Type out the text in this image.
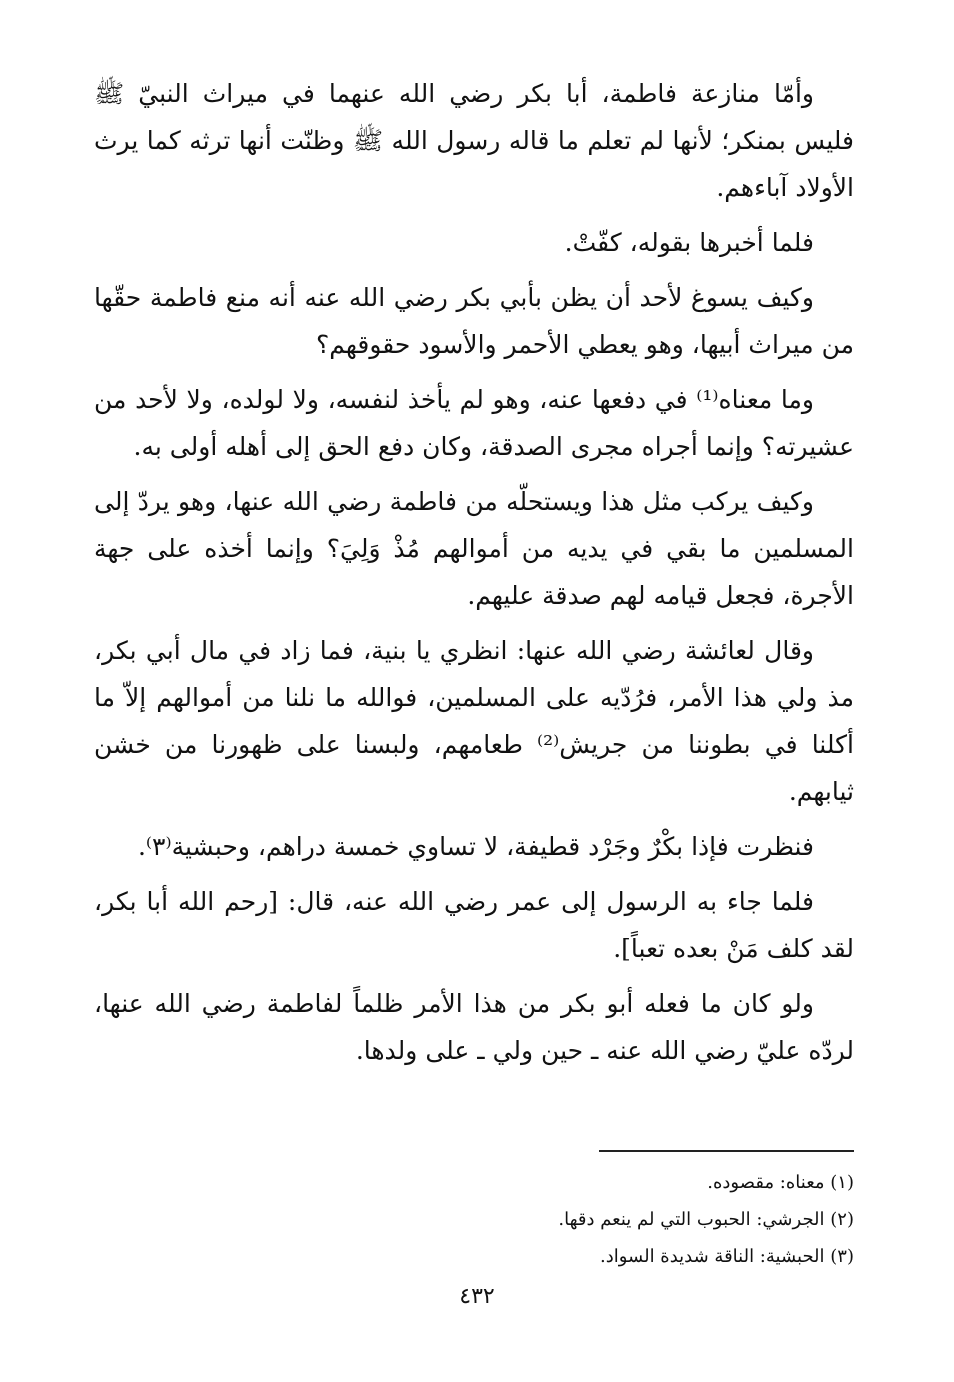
وأمّا منازعة فاطمة، أبا بكر رضي الله عنهما في ميراث النبيّ ﷺ فليس بمنكر؛ لأنها لم تعلم ما قاله رسول الله ﷺ وظنّت أنها ترثه كما يرث الأولاد آباءهم.

فلما أخبرها بقوله، كفّتْ.

وكيف يسوغ لأحد أن يظن بأبي بكر رضي الله عنه أنه منع فاطمة حقّها من ميراث أبيها، وهو يعطي الأحمر والأسود حقوقهم؟

وما معناه⁽¹⁾ في دفعها عنه، وهو لم يأخذ لنفسه، ولا لولده، ولا لأحد من عشيرته؟ وإنما أجراه مجرى الصدقة، وكان دفع الحق إلى أهله أولى به.

وكيف يركب مثل هذا ويستحلّه من فاطمة رضي الله عنها، وهو يردّ إلى المسلمين ما بقي في يديه من أموالهم مُذْ وَلِيَ؟ وإنما أخذه على جهة الأجرة، فجعل قيامه لهم صدقة عليهم.

وقال لعائشة رضي الله عنها: انظري يا بنية، فما زاد في مال أبي بكر، مذ ولي هذا الأمر، فرُدّيه على المسلمين، فوالله ما نلنا من أموالهم إلاّ ما أكلنا في بطوننا من جريش⁽²⁾ طعامهم، ولبسنا على ظهورنا من خشن ثيابهم.

فنظرت فإذا بكْرٌ وجَرْد قطيفة، لا تساوي خمسة دراهم، وحبشية⁽٣⁾.

فلما جاء به الرسول إلى عمر رضي الله عنه، قال: [رحم الله أبا بكر، لقد كلف مَنْ بعده تعباً].

ولو كان ما فعله أبو بكر من هذا الأمر ظلماً لفاطمة رضي الله عنها، لردّه عليّ رضي الله عنه ـ حين ولي ـ على ولدها.

(١) معناه: مقصوده.

(٢) الجرشي: الحبوب التي لم ينعم دقها.

(٣) الحبشية: الناقة شديدة السواد.

٤٣٢
